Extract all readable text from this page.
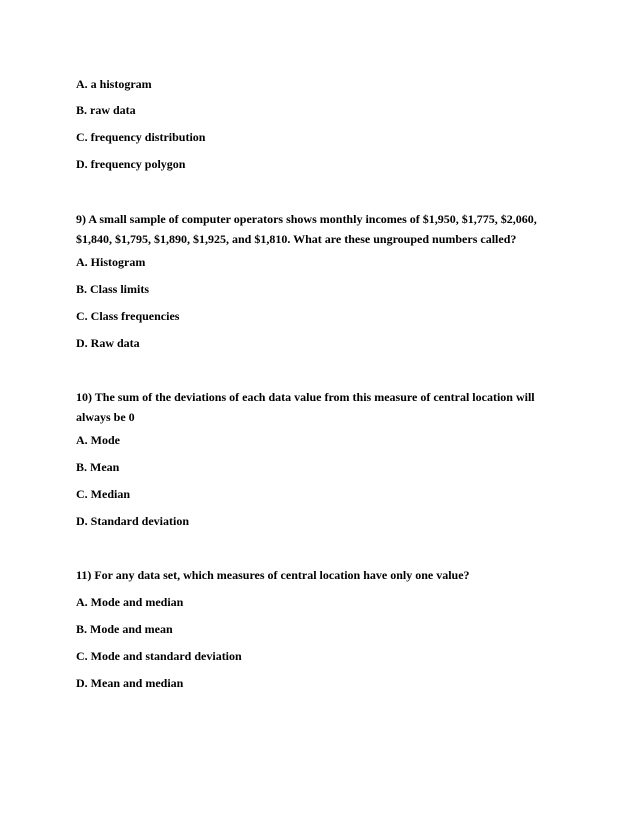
A. a histogram

B. raw data

C. frequency distribution

D. frequency polygon

9) A small sample of computer operators shows monthly incomes of $1,950, $1,775, $2,060, $1,840, $1,795, $1,890, $1,925, and $1,810. What are these ungrouped numbers called?

A. Histogram

B. Class limits

C. Class frequencies

D. Raw data

10) The sum of the deviations of each data value from this measure of central location will always be 0

A. Mode

B. Mean

C. Median

D. Standard deviation

11) For any data set, which measures of central location have only one value?

A. Mode and median

B. Mode and mean

C. Mode and standard deviation

D. Mean and median
